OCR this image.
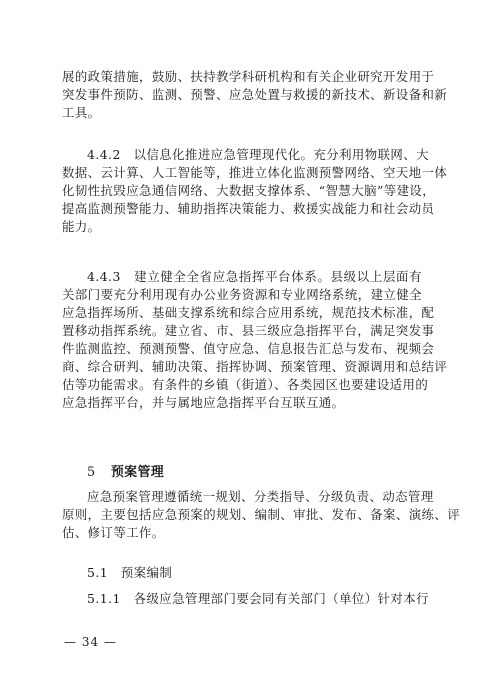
展的政策措施，鼓励、扶持教学科研机构和有关企业研究开发用于
突发事件预防、监测、预警、应急处置与救援的新技术、新设备和新
工具。
4.4.2　以信息化推进应急管理现代化。充分利用物联网、大
数据、云计算、人工智能等，推进立体化监测预警网络、空天地一体
化韧性抗毁应急通信网络、大数据支撑体系、“智慧大脑”等建设，
提高监测预警能力、辅助指挥决策能力、救援实战能力和社会动员
能力。
4.4.3　建立健全全省应急指挥平台体系。县级以上层面有
关部门要充分利用现有办公业务资源和专业网络系统，建立健全
应急指挥场所、基础支撑系统和综合应用系统，规范技术标准，配
置移动指挥系统。建立省、市、县三级应急指挥平台，满足突发事
件监测监控、预测预警、值守应急、信息报告汇总与发布、视频会
商、综合研判、辅助决策、指挥协调、预案管理、资源调用和总结评
估等功能需求。有条件的乡镇（街道）、各类园区也要建设适用的
应急指挥平台，并与属地应急指挥平台互联互通。
5 预案管理
应急预案管理遵循统一规划、分类指导、分级负责、动态管理
原则，主要包括应急预案的规划、编制、审批、发布、备案、演练、评
估、修订等工作。
5.1　预案编制
5.1.1　各级应急管理部门要会同有关部门（单位）针对本行
— 34 —
